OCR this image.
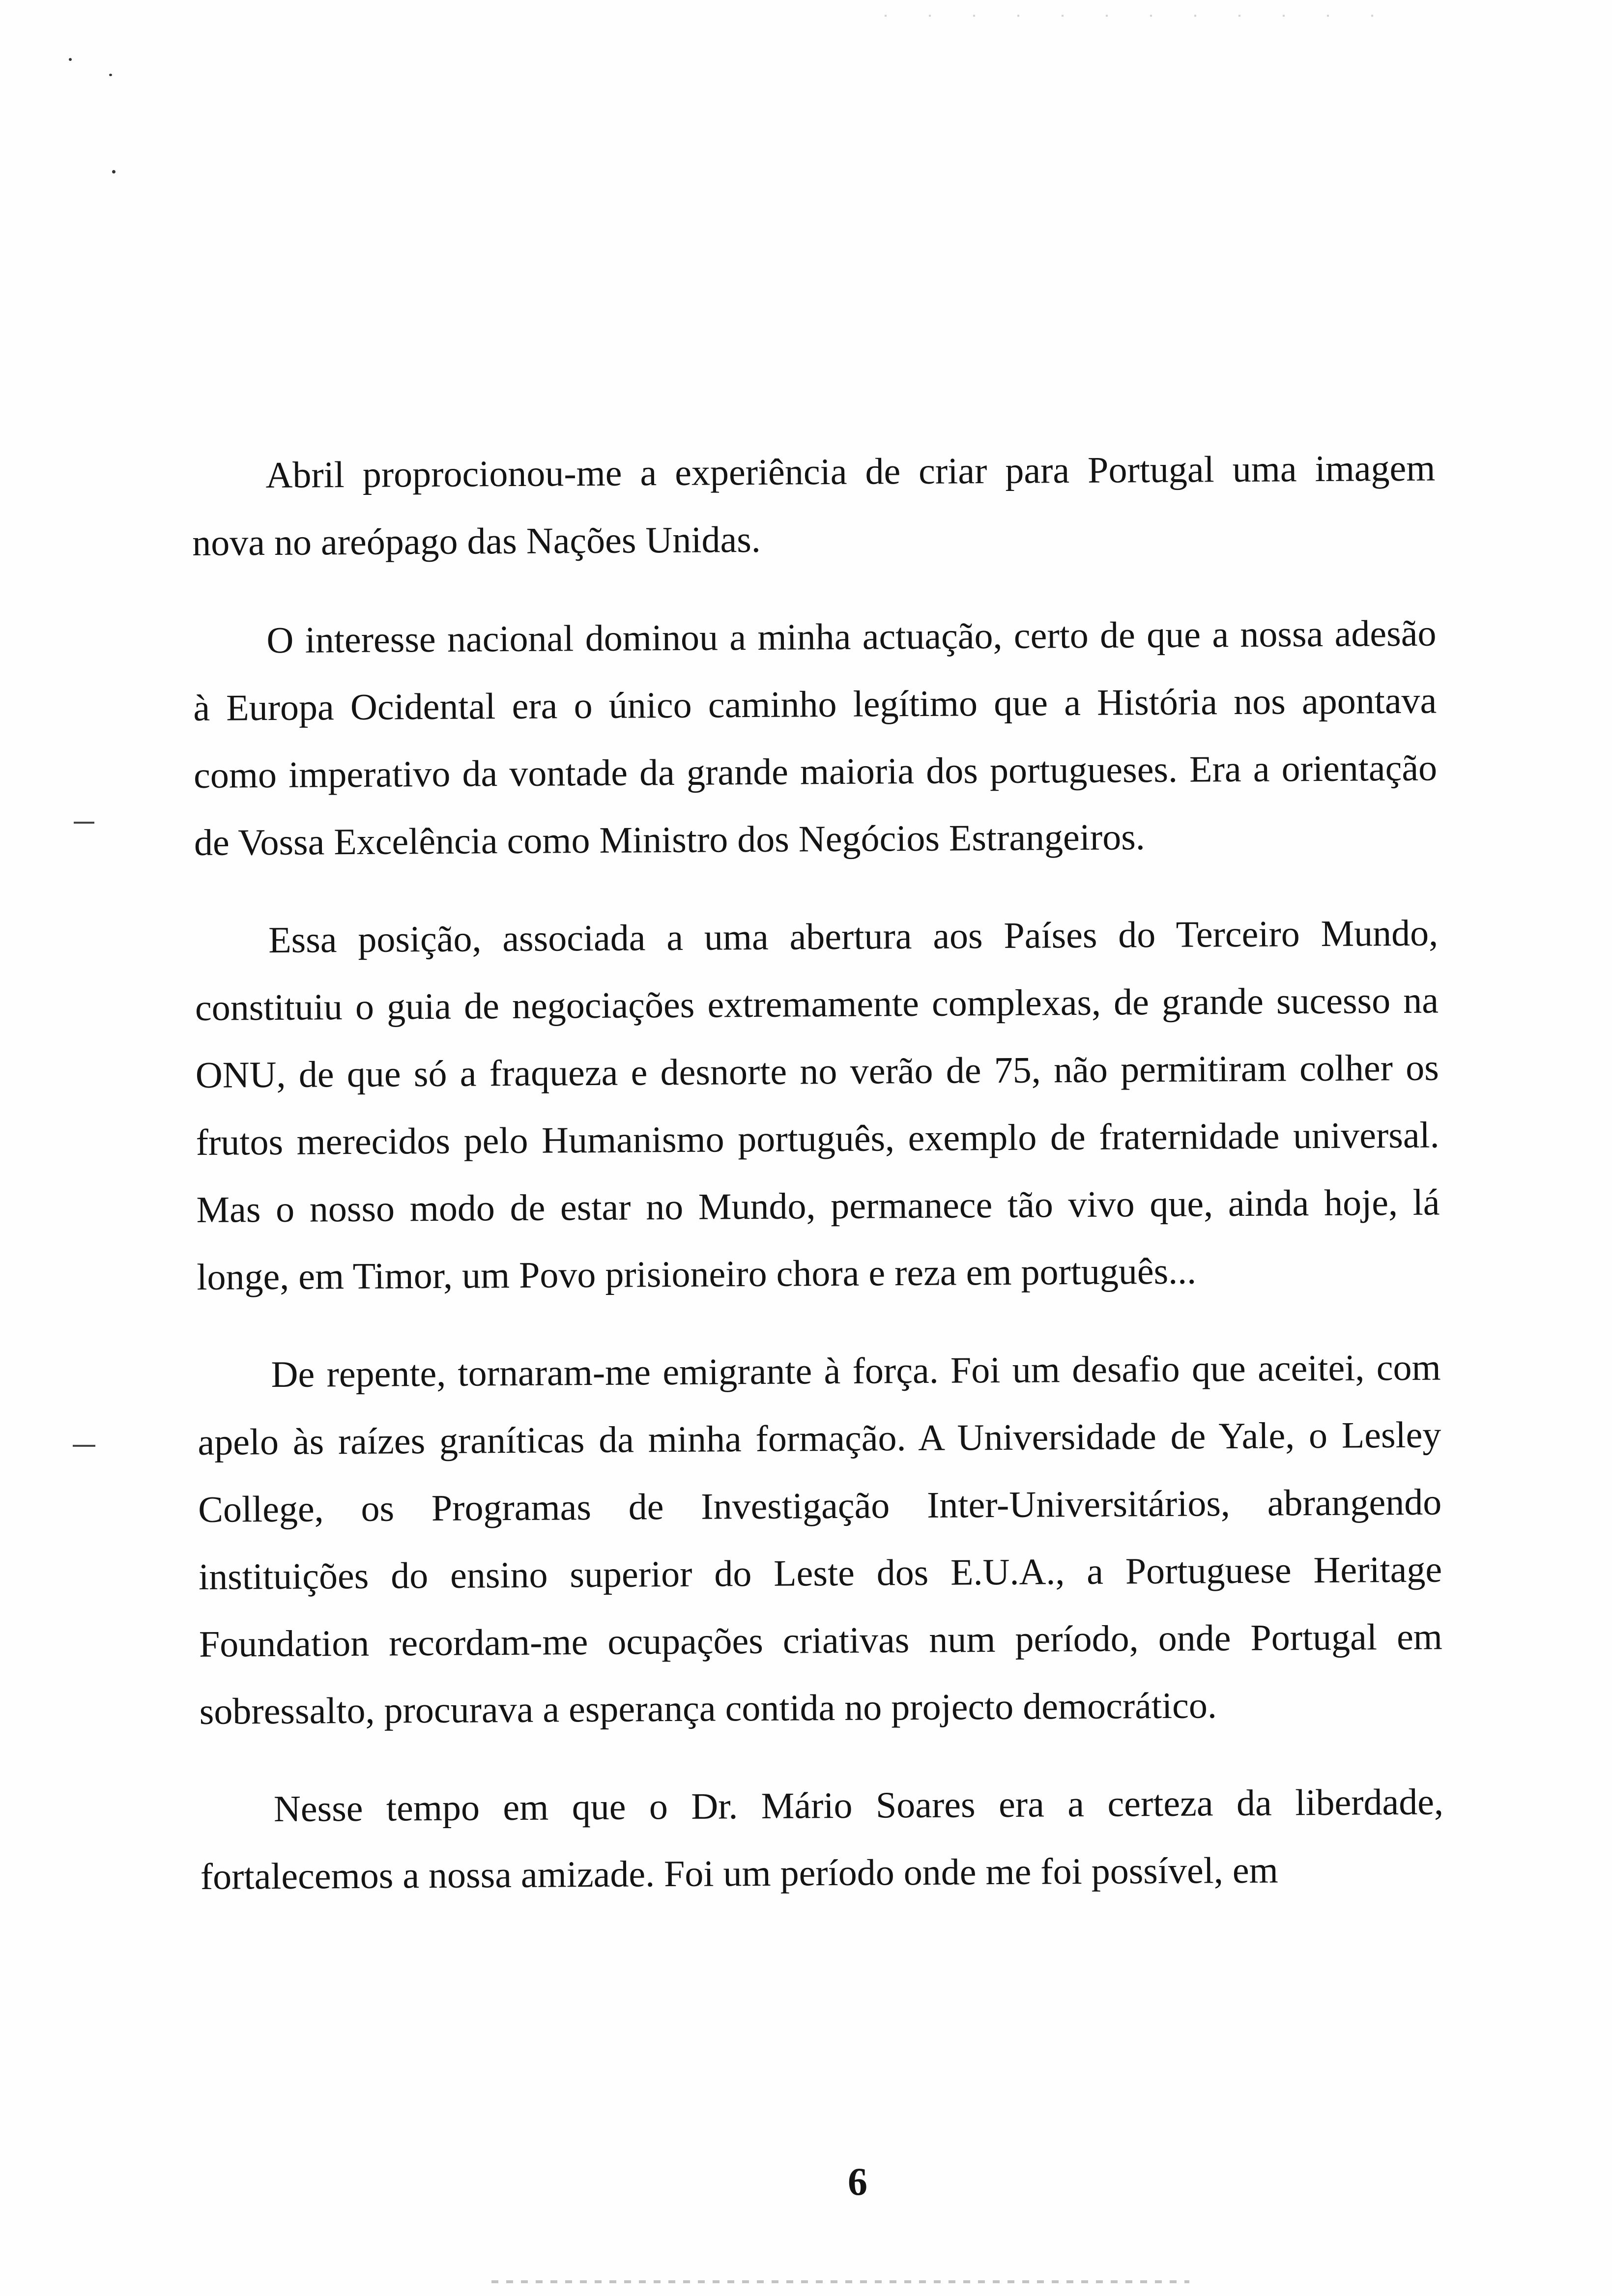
Abril proprocionou-me a experiência de criar para Portugal uma imagem nova no areópago das Nações Unidas.

O interesse nacional dominou a minha actuação, certo de que a nossa adesão à Europa Ocidental era o único caminho legítimo que a História nos apontava como imperativo da vontade da grande maioria dos portugueses. Era a orientação de Vossa Excelência como Ministro dos Negócios Estrangeiros.

Essa posição, associada a uma abertura aos Países do Terceiro Mundo, constituiu o guia de negociações extremamente complexas, de grande sucesso na ONU, de que só a fraqueza e desnorte no verão de 75, não permitiram colher os frutos merecidos pelo Humanismo português, exemplo de fraternidade universal. Mas o nosso modo de estar no Mundo, permanece tão vivo que, ainda hoje, lá longe, em Timor, um Povo prisioneiro chora e reza em português...

De repente, tornaram-me emigrante à força. Foi um desafio que aceitei, com apelo às raízes graníticas da minha formação. A Universidade de Yale, o Lesley College, os Programas de Investigação Inter-Universitários, abrangendo instituições do ensino superior do Leste dos E.U.A., a Portuguese Heritage Foundation recordam-me ocupações criativas num período, onde Portugal em sobressalto, procurava a esperança contida no projecto democrático.

Nesse tempo em que o Dr. Mário Soares era a certeza da liberdade, fortalecemos a nossa amizade. Foi um período onde me foi possível, em

6
